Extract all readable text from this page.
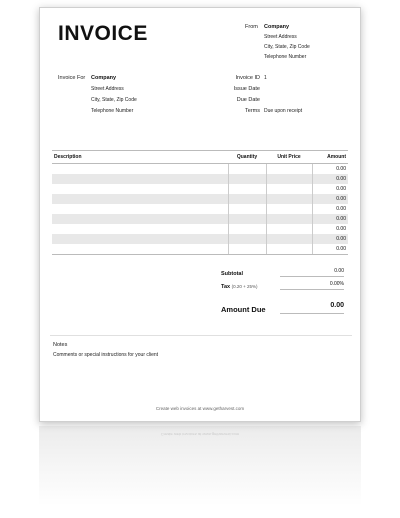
INVOICE	From Company
Street Address
City, State, Zip Code
Telephone Number
Invoice For Company
Street Address
City, State, Zip Code
Telephone Number
Invoice ID 1
Issue Date
Due Date
Terms Due upon receipt
Description	Quantity	Unit Price	Amount
			0.00
			0.00
			0.00
			0.00
			0.00
			0.00
			0.00
			0.00
			0.00
Subtotal	0.00
Tax (0.20 + 25%)	0.00%
Amount Due	0.00
Notes
Comments or special instructions for your client
Create web invoices at www.getharvest.com
Create web invoices at www.getharvest.com
